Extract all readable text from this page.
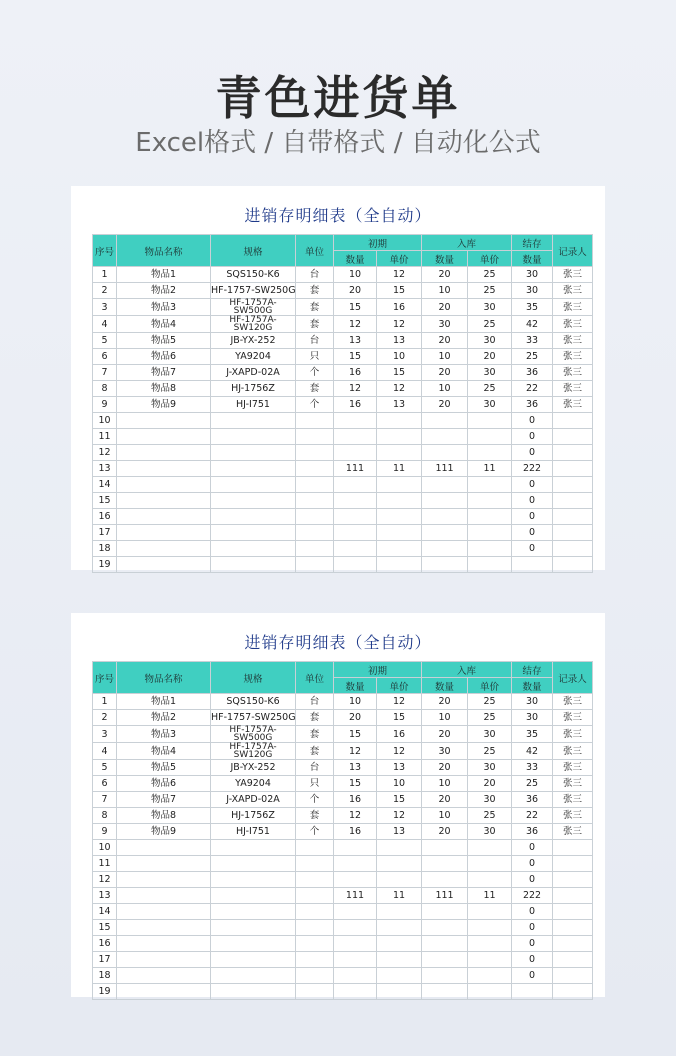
青色进货单
Excel格式 / 自带格式 / 自动化公式
进销存明细表（全自动）
序号	物品名称	规格	单位	初期		入库		结存	记录人
				数量	单价	数量	单价	数量	
1	物品1	SQS150-K6	台	10	12	20	25	30	张三
2	物品2	HF-1757-SW250G	套	20	15	10	25	30	张三
3	物品3	HF-1757A-SW500G	套	15	16	20	30	35	张三
4	物品4	HF-1757A-SW120G	套	12	12	30	25	42	张三
5	物品5	JB-YX-252	台	13	13	20	30	33	张三
6	物品6	YA9204	只	15	10	10	20	25	张三
7	物品7	J-XAPD-02A	个	16	15	20	30	36	张三
8	物品8	HJ-1756Z	套	12	12	10	25	22	张三
9	物品9	HJ-I751	个	16	13	20	30	36	张三
10								0	
11								0	
12								0	
13				111	11	111	11	222	
14								0	
15								0	
16								0	
17								0	
18								0	
19									
进销存明细表（全自动）
序号	物品名称	规格	单位	初期		入库		结存	记录人
				数量	单价	数量	单价	数量	
1	物品1	SQS150-K6	台	10	12	20	25	30	张三
2	物品2	HF-1757-SW250G	套	20	15	10	25	30	张三
3	物品3	HF-1757A-SW500G	套	15	16	20	30	35	张三
4	物品4	HF-1757A-SW120G	套	12	12	30	25	42	张三
5	物品5	JB-YX-252	台	13	13	20	30	33	张三
6	物品6	YA9204	只	15	10	10	20	25	张三
7	物品7	J-XAPD-02A	个	16	15	20	30	36	张三
8	物品8	HJ-1756Z	套	12	12	10	25	22	张三
9	物品9	HJ-I751	个	16	13	20	30	36	张三
10								0	
11								0	
12								0	
13				111	11	111	11	222	
14								0	
15								0	
16								0	
17								0	
18								0	
19									
